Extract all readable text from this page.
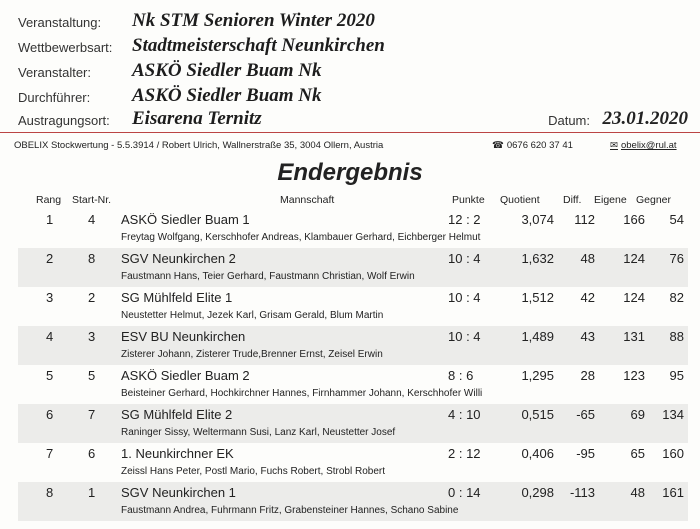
Veranstaltung: Nk STM Senioren Winter 2020
Wettbewerbsart: Stadtmeisterschaft Neunkirchen
Veranstalter: ASKÖ Siedler Buam Nk
Durchführer: ASKÖ Siedler Buam Nk
Austragungsort: Eisarena Ternitz	Datum: 23.01.2020
OBELIX Stockwertung - 5.5.3914 / Robert Ulrich, Wallnerstraße 35, 3004 Ollern, Austria	☎ 0676 620 37 41	✉ obelix@rul.at
Endergebnis
Rang Start-Nr.	Mannschaft	Punkte Quotient Diff. Eigene Gegner
1	4	ASKÖ Siedler Buam 1	12 : 2	3,074	112	166	54
Freytag Wolfgang, Kerschhofer Andreas, Klambauer Gerhard, Eichberger Helmut
2	8	SGV Neunkirchen 2	10 : 4	1,632	48	124	76
Faustmann Hans, Teier Gerhard, Faustmann Christian, Wolf Erwin
3	2	SG Mühlfeld Elite 1	10 : 4	1,512	42	124	82
Neustetter Helmut, Jezek Karl, Grisam Gerald, Blum Martin
4	3	ESV BU Neunkirchen	10 : 4	1,489	43	131	88
Zisterer Johann, Zisterer Trude,Brenner Ernst, Zeisel Erwin
5	5	ASKÖ Siedler Buam 2	8 : 6	1,295	28	123	95
Beisteiner Gerhard, Hochkirchner Hannes, Firnhammer Johann, Kerschhofer Willi
6	7	SG Mühlfeld Elite 2	4 : 10	0,515	-65	69	134
Raninger Sissy, Weltermann Susi, Lanz Karl, Neustetter Josef
7	6	1. Neunkirchner EK	2 : 12	0,406	-95	65	160
Zeissl Hans Peter, Postl Mario, Fuchs Robert, Strobl Robert
8	1	SGV Neunkirchen 1	0 : 14	0,298	-113	48	161
Faustmann Andrea, Fuhrmann Fritz, Grabensteiner Hannes, Schano Sabine
